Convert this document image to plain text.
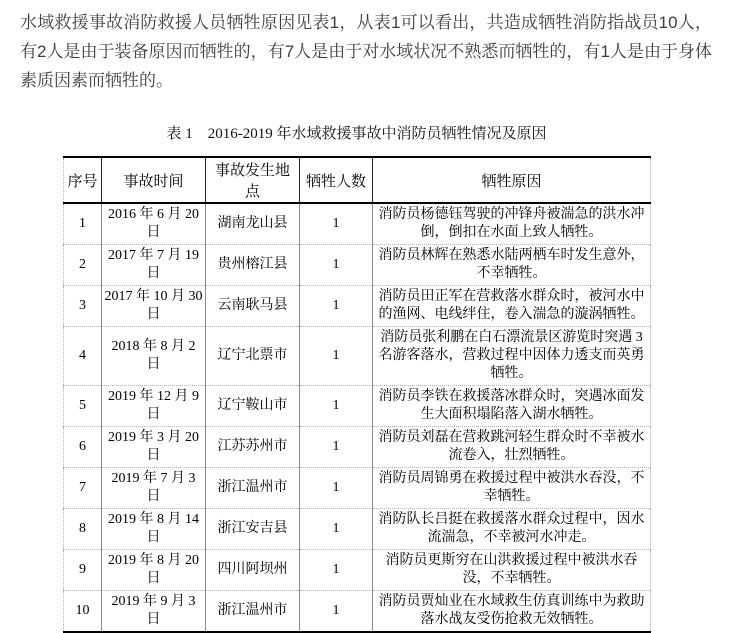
水域救援事故消防救援人员牺牲原因见表1，从表1可以看出，共造成牺牲消防指战员10人，有2人是由于装备原因而牺牲的，有7人是由于对水域状况不熟悉而牺牲的，有1人是由于身体素质因素而牺牲的。

表 1　2016-2019 年水域救援事故中消防员牺牲情况及原因
序号	事故时间	事故发生地点	牺牲人数	牺牲原因
1	2016 年 6 月 20 日	湖南龙山县	1	消防员杨德钰驾驶的冲锋舟被湍急的洪水冲倒，倒扣在水面上致人牺牲。
2	2017 年 7 月 19 日	贵州榕江县	1	消防员林辉在熟悉水陆两栖车时发生意外，不幸牺牲。
3	2017 年 10 月 30 日	云南耿马县	1	消防员田正军在营救落水群众时，被河水中的渔网、电线绊住，卷入湍急的漩涡牺牲。
4	2018 年 8 月 2 日	辽宁北票市	1	消防员张利鹏在白石漂流景区游览时突遇 3 名游客落水，营救过程中因体力透支而英勇牺牲。
5	2019 年 12 月 9 日	辽宁鞍山市	1	消防员李铁在救援落冰群众时，突遇冰面发生大面积塌陷落入湖水牺牲。
6	2019 年 3 月 20 日	江苏苏州市	1	消防员刘磊在营救跳河轻生群众时不幸被水流卷入，壮烈牺牲。
7	2019 年 7 月 3 日	浙江温州市	1	消防员周锦勇在救援过程中被洪水吞没，不幸牺牲。
8	2019 年 8 月 14 日	浙江安吉县	1	消防队长吕挺在救援落水群众过程中，因水流湍急，不幸被河水冲走。
9	2019 年 8 月 20 日	四川阿坝州	1	消防员更斯穷在山洪救援过程中被洪水吞没，不幸牺牲。
10	2019 年 9 月 3 日	浙江温州市	1	消防员贾灿业在水域救生仿真训练中为救助落水战友受伤抢救无效牺牲。
